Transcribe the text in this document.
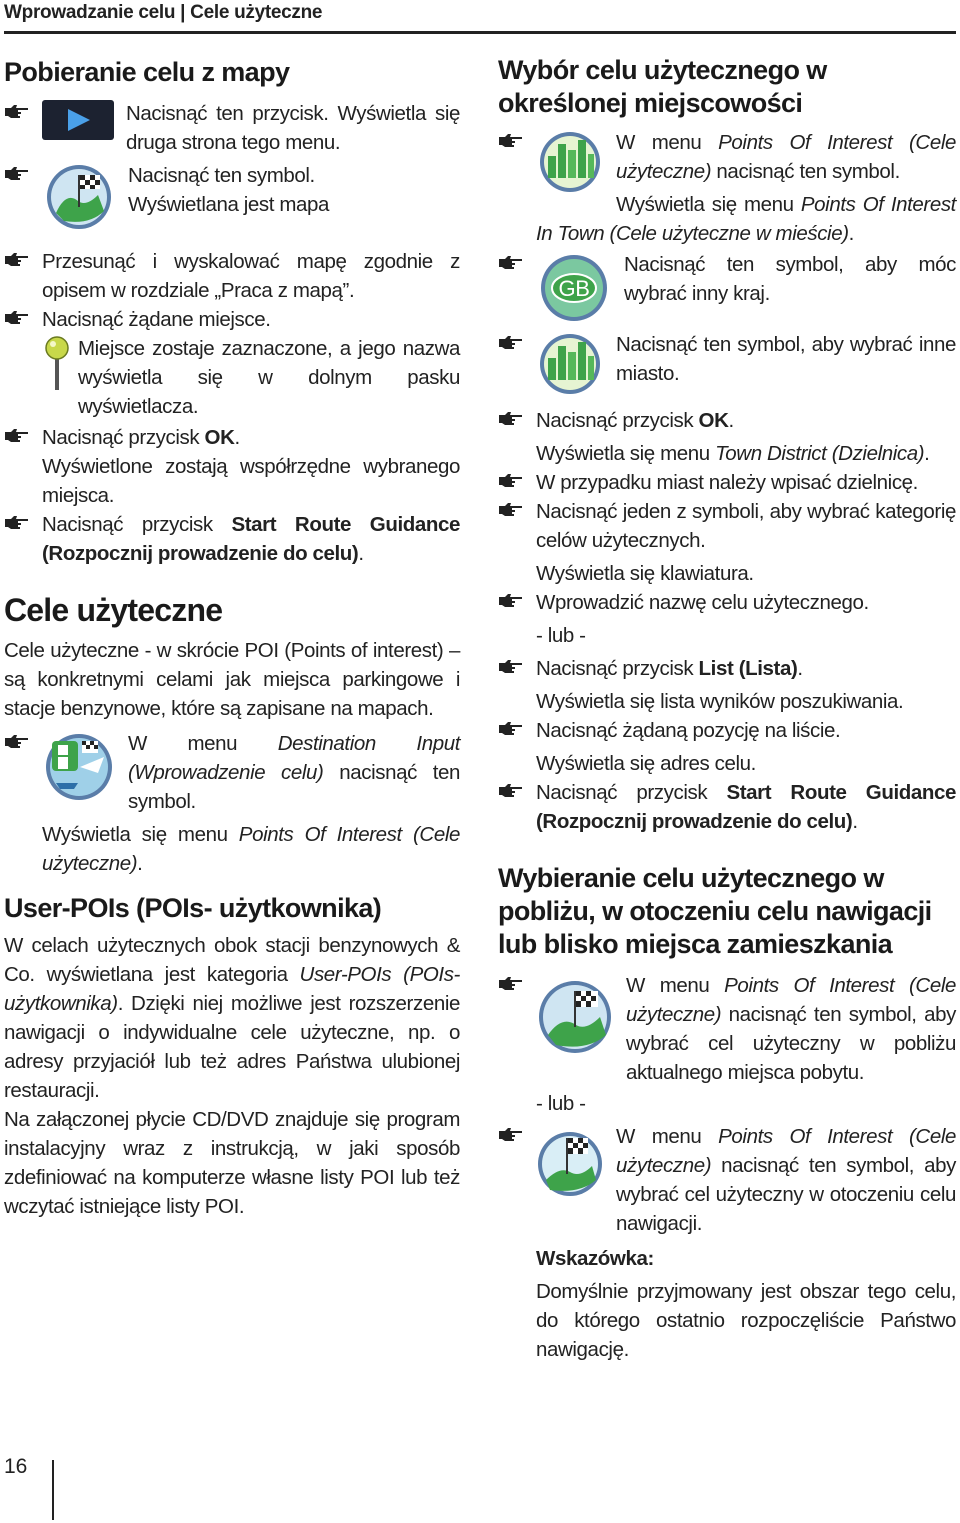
Wprowadzanie celu | Cele użyteczne
Pobieranie celu z mapy

Nacisnąć ten przycisk. Wyświetla się druga strona tego menu.

Nacisnąć ten symbol.

Wyświetlana jest mapa

Przesunąć i wyskalować mapę zgodnie z opisem w rozdziale „Praca z mapą”.

Nacisnąć żądane miejsce.

Miejsce zostaje zaznaczone, a jego nazwa wyświetla się w dolnym pasku wyświetlacza.

Nacisnąć przycisk OK.

Wyświetlone zostają współrzędne wybranego miejsca.

Nacisnąć przycisk Start Route Guidance (Rozpocznij prowadzenie do celu).

Cele użyteczne

Cele użyteczne - w skrócie POI (Points of interest) – są konkretnymi celami jak miejsca parkingowe i stacje benzynowe, które są zapisane na mapach.

W menu Destination Input (Wprowadzenie celu) nacisnąć ten symbol.

Wyświetla się menu Points Of Interest (Cele użyteczne).

User-POIs (POIs- użytkownika)

W celach użytecznych obok stacji benzynowych & Co. wyświetlana jest kategoria User-POIs (POIs-użytkownika). Dzięki niej możliwe jest rozszerzenie nawigacji o indywidualne cele użyteczne, np. o adresy przyjaciół lub też adres Państwa ulubionej restauracji.

Na załączonej płycie CD/DVD znajduje się program instalacyjny wraz z instrukcją, w jaki sposób zdefiniować na komputerze własne listy POI lub też wczytać istniejące listy POI.

Wybór celu użytecznego w określonej miejscowości

W menu Points Of Interest (Cele użyteczne) nacisnąć ten symbol.

Wyświetla się menu Points Of Interest In Town (Cele użyteczne w mieście).

GB

Nacisnąć ten symbol, aby móc wybrać inny kraj.

Nacisnąć ten symbol, aby wybrać inne miasto.

Nacisnąć przycisk OK.

Wyświetla się menu Town District (Dzielnica).

W przypadku miast należy wpisać dzielnicę.

Nacisnąć jeden z symboli, aby wybrać kategorię celów użytecznych.

Wyświetla się klawiatura.

Wprowadzić nazwę celu użytecznego.

- lub -

Nacisnąć przycisk List (Lista).

Wyświetla się lista wyników poszukiwania.

Nacisnąć żądaną pozycję na liście.

Wyświetla się adres celu.

Nacisnąć przycisk Start Route Guidance (Rozpocznij prowadzenie do celu).

Wybieranie celu użytecznego w pobliżu, w otoczeniu celu nawigacji lub blisko miejsca zamieszkania

W menu Points Of Interest (Cele użyteczne) nacisnąć ten symbol, aby wybrać cel użyteczny w pobliżu aktualnego miejsca pobytu.

- lub -

W menu Points Of Interest (Cele użyteczne) nacisnąć ten symbol, aby wybrać cel użyteczny w otoczeniu celu nawigacji.

Wskazówka:

Domyślnie przyjmowany jest obszar tego celu, do którego ostatnio rozpoczęliście Państwo nawigację.

16
